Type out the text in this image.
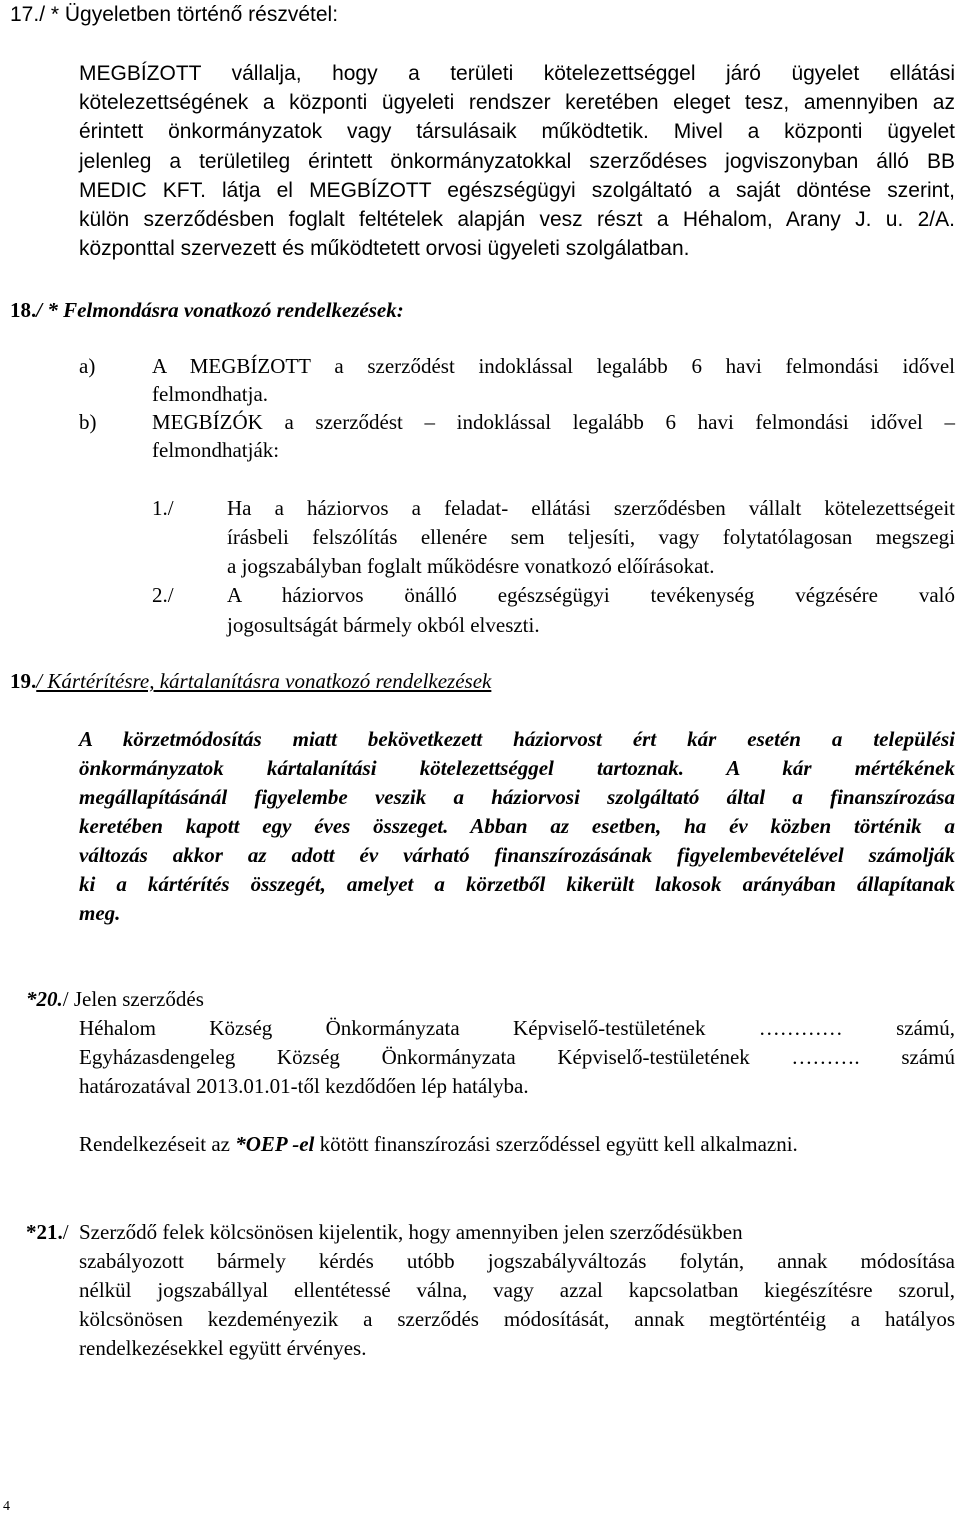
17./ * Ügyeletben történő részvétel:
MEGBÍZOTT vállalja, hogy a területi kötelezettséggel járó ügyelet ellátási
kötelezettségének a központi ügyeleti rendszer keretében eleget tesz, amennyiben az
érintett önkormányzatok vagy társulásaik működtetik. Mivel a központi ügyelet
jelenleg a területileg érintett önkormányzatokkal szerződéses jogviszonyban álló BB
MEDIC KFT. látja el MEGBÍZOTT egészségügyi szolgáltató a saját döntése szerint,
külön szerződésben foglalt feltételek alapján vesz részt a Héhalom, Arany J. u. 2/A.
központtal szervezett és működtetett orvosi ügyeleti szolgálatban.
18./ * Felmondásra vonatkozó rendelkezések:
a)	A MEGBÍZOTT a szerződést indoklással legalább 6 havi felmondási idővel
felmondhatja.
b)	MEGBÍZÓK a szerződést – indoklással legalább 6 havi felmondási idővel –
felmondhatják:
1./	Ha a háziorvos a feladat- ellátási szerződésben vállalt kötelezettségeit
írásbeli felszólítás ellenére sem teljesíti, vagy folytatólagosan megszegi
a jogszabályban foglalt működésre vonatkozó előírásokat.
2./	A háziorvos önálló egészségügyi tevékenység végzésére való
jogosultságát bármely okból elveszti.
19./ Kártérítésre, kártalanításra vonatkozó rendelkezések
A körzetmódosítás miatt bekövetkezett háziorvost ért kár esetén a települési
önkormányzatok kártalanítási kötelezettséggel tartoznak. A kár mértékének
megállapításánál figyelembe veszik a háziorvosi szolgáltató által a finanszírozása
keretében kapott egy éves összeget. Abban az esetben, ha év közben történik a
változás akkor az adott év várható finanszírozásának figyelembevételével számolják
ki a kártérítés összegét, amelyet a körzetből kikerült lakosok arányában állapítanak
meg.
*20./ Jelen szerződés
Héhalom Község Önkormányzata Képviselő-testületének ………… számú,
Egyházasdengeleg Község Önkormányzata Képviselő-testületének ………. számú
határozatával 2013.01.01-től kezdődően lép hatályba.
Rendelkezéseit az *OEP -el kötött finanszírozási szerződéssel együtt kell alkalmazni.
*21./ Szerződő felek kölcsönösen kijelentik, hogy amennyiben jelen szerződésükben
szabályozott bármely kérdés utóbb jogszabályváltozás folytán, annak módosítása
nélkül jogszabállyal ellentétessé válna, vagy azzal kapcsolatban kiegészítésre szorul,
kölcsönösen kezdeményezik a szerződés módosítását, annak megtörténtéig a hatályos
rendelkezésekkel együtt érvényes.
4
